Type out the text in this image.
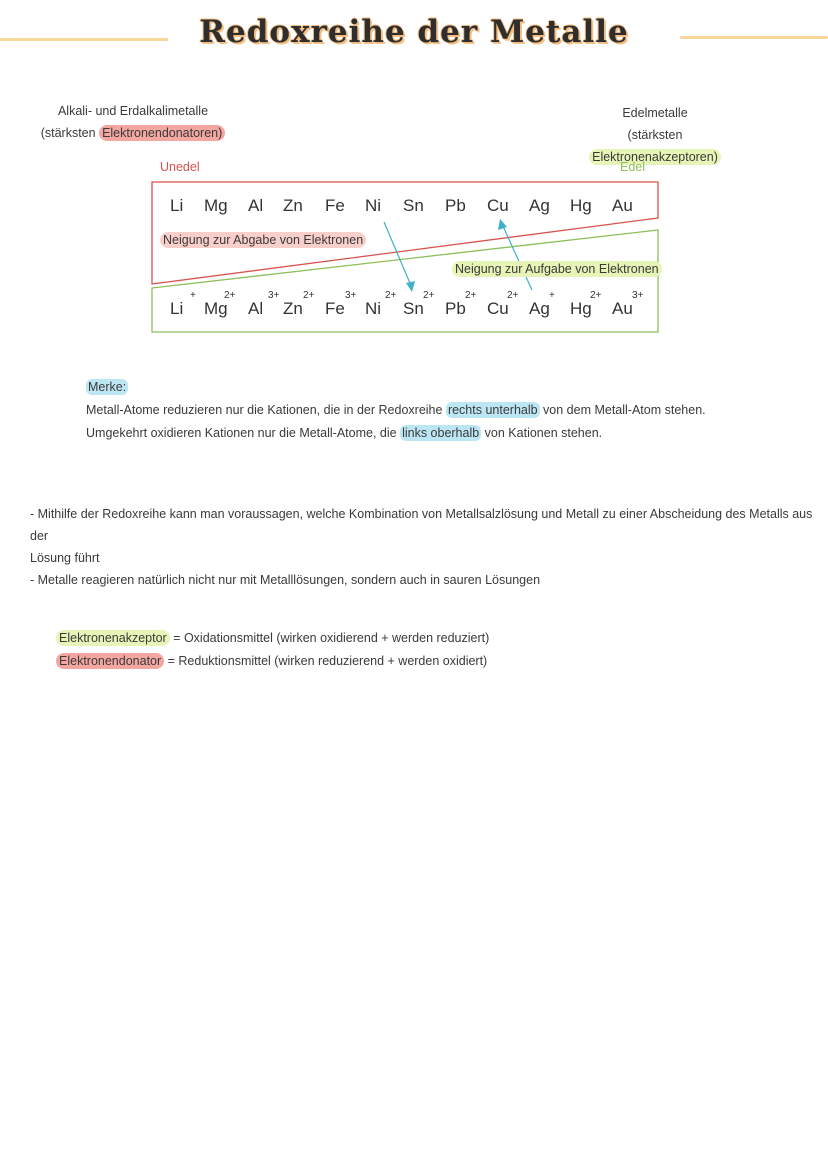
Redoxreihe der Metalle
Alkali- und Erdalkalimetalle
(stärksten Elektronendonatoren)
Edelmetalle
(stärksten Elektronenakzeptoren)
Unedel	Edel
Li Mg Al Zn Fe Ni Sn Pb Cu Ag Hg Au
Neigung zur Abgabe von Elektronen
Neigung zur Aufgabe von Elektronen
Li
+
Mg
2+
Al
3+
Zn
2+
Fe
3+
Ni
2+
Sn
2+
Pb
2+
Cu
2+
Ag
+
Hg
2+
Au
3+
Merke:
Metall-Atome reduzieren nur die Kationen, die in der Redoxreihe rechts unterhalb von dem Metall-Atom stehen.
Umgekehrt oxidieren Kationen nur die Metall-Atome, die links oberhalb von Kationen stehen.
- Mithilfe der Redoxreihe kann man voraussagen, welche Kombination von Metallsalzlösung und Metall zu einer Abscheidung des Metalls aus der
Lösung führt
- Metalle reagieren natürlich nicht nur mit Metalllösungen, sondern auch in sauren Lösungen
Elektronenakzeptor = Oxidationsmittel (wirken oxidierend + werden reduziert)
Elektronendonator = Reduktionsmittel (wirken reduzierend + werden oxidiert)
